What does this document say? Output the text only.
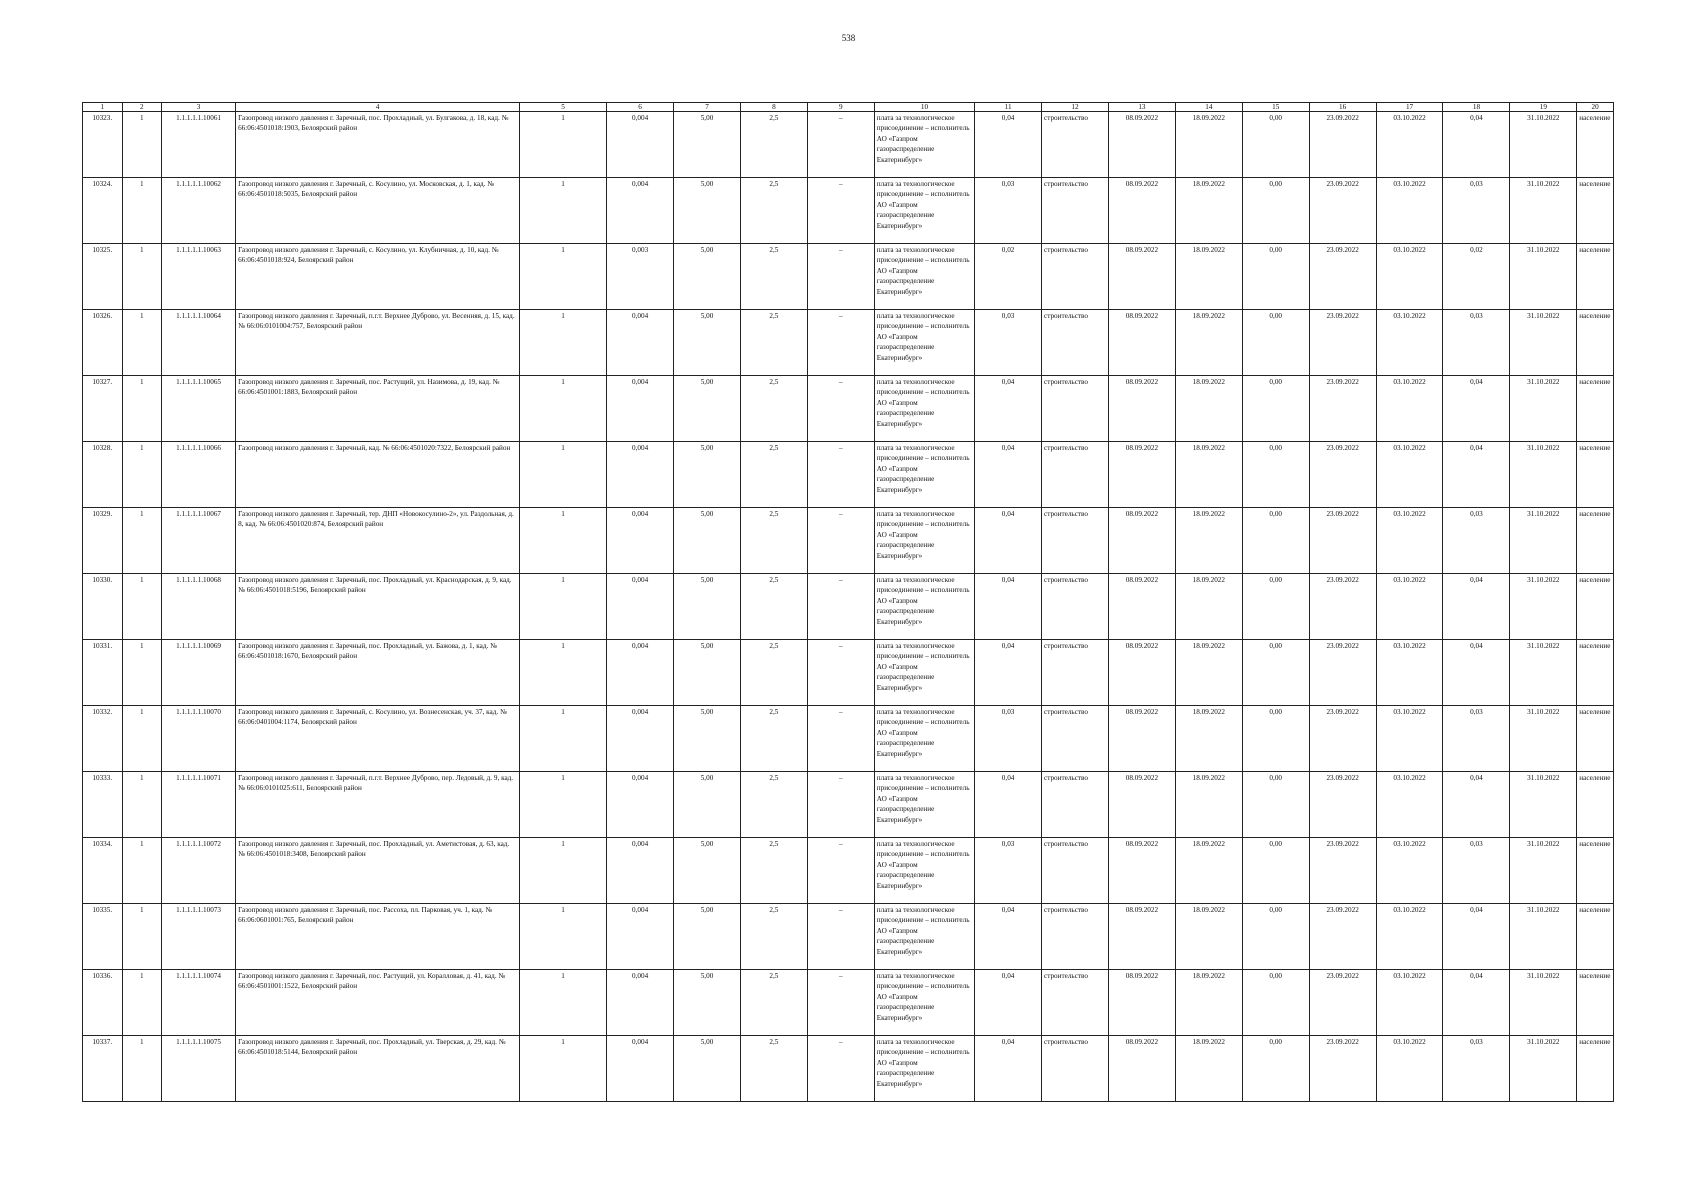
538
1	2	3	4	5	6	7	8	9	10	11	12	13	14	15	16	17	18	19	20
10323.	1	1.1.1.1.1.10061	Газопровод низкого давления г. Заречный, пос. Прохладный, ул. Булгакова, д. 18, кад. № 66:06:4501018:1903, Белоярский район	1	0,004	5,00	2,5	–	плата за технологическое присоединение – исполнитель АО «Газпром газораспределение Екатеринбург»	0,04	строительство	08.09.2022	18.09.2022	0,00	23.09.2022	03.10.2022	0,04	31.10.2022	население
10324.	1	1.1.1.1.1.10062	Газопровод низкого давления г. Заречный, с. Косулино, ул. Московская, д. 1, кад. № 66:06:4501018:5035, Белоярский район	1	0,004	5,00	2,5	–	плата за технологическое присоединение – исполнитель АО «Газпром газораспределение Екатеринбург»	0,03	строительство	08.09.2022	18.09.2022	0,00	23.09.2022	03.10.2022	0,03	31.10.2022	население
10325.	1	1.1.1.1.1.10063	Газопровод низкого давления г. Заречный, с. Косулино, ул. Клубничная, д. 10, кад. № 66:06:4501018:924, Белоярский район	1	0,003	5,00	2,5	–	плата за технологическое присоединение – исполнитель АО «Газпром газораспределение Екатеринбург»	0,02	строительство	08.09.2022	18.09.2022	0,00	23.09.2022	03.10.2022	0,02	31.10.2022	население
10326.	1	1.1.1.1.1.10064	Газопровод низкого давления г. Заречный, п.г.т. Верхнее Дуброво, ул. Весенняя, д. 15, кад. № 66:06:0101004:757, Белоярский район	1	0,004	5,00	2,5	–	плата за технологическое присоединение – исполнитель АО «Газпром газораспределение Екатеринбург»	0,03	строительство	08.09.2022	18.09.2022	0,00	23.09.2022	03.10.2022	0,03	31.10.2022	население
10327.	1	1.1.1.1.1.10065	Газопровод низкого давления г. Заречный, пос. Растущий, ул. Назимова, д. 19, кад. № 66:06:4501001:1883, Белоярский район	1	0,004	5,00	2,5	–	плата за технологическое присоединение – исполнитель АО «Газпром газораспределение Екатеринбург»	0,04	строительство	08.09.2022	18.09.2022	0,00	23.09.2022	03.10.2022	0,04	31.10.2022	население
10328.	1	1.1.1.1.1.10066	Газопровод низкого давления г. Заречный, кад. № 66:06:4501020:7322, Белоярский район	1	0,004	5,00	2,5	–	плата за технологическое присоединение – исполнитель АО «Газпром газораспределение Екатеринбург»	0,04	строительство	08.09.2022	18.09.2022	0,00	23.09.2022	03.10.2022	0,04	31.10.2022	население
10329.	1	1.1.1.1.1.10067	Газопровод низкого давления г. Заречный, тер. ДНП «Новокосулино-2», ул. Раздольная, д. 8, кад. № 66:06:4501020:874, Белоярский район	1	0,004	5,00	2,5	–	плата за технологическое присоединение – исполнитель АО «Газпром газораспределение Екатеринбург»	0,04	строительство	08.09.2022	18.09.2022	0,00	23.09.2022	03.10.2022	0,03	31.10.2022	население
10330.	1	1.1.1.1.1.10068	Газопровод низкого давления г. Заречный, пос. Прохладный, ул. Краснодарская, д. 9, кад. № 66:06:4501018:5196, Белоярский район	1	0,004	5,00	2,5	–	плата за технологическое присоединение – исполнитель АО «Газпром газораспределение Екатеринбург»	0,04	строительство	08.09.2022	18.09.2022	0,00	23.09.2022	03.10.2022	0,04	31.10.2022	население
10331.	1	1.1.1.1.1.10069	Газопровод низкого давления г. Заречный, пос. Прохладный, ул. Бажова, д. 1, кад. № 66:06:4501018:1670, Белоярский район	1	0,004	5,00	2,5	–	плата за технологическое присоединение – исполнитель АО «Газпром газораспределение Екатеринбург»	0,04	строительство	08.09.2022	18.09.2022	0,00	23.09.2022	03.10.2022	0,04	31.10.2022	население
10332.	1	1.1.1.1.1.10070	Газопровод низкого давления г. Заречный, с. Косулино, ул. Вознесенская, уч. 37, кад. № 66:06:0401004:1174, Белоярский район	1	0,004	5,00	2,5	–	плата за технологическое присоединение – исполнитель АО «Газпром газораспределение Екатеринбург»	0,03	строительство	08.09.2022	18.09.2022	0,00	23.09.2022	03.10.2022	0,03	31.10.2022	население
10333.	1	1.1.1.1.1.10071	Газопровод низкого давления г. Заречный, п.г.т. Верхнее Дуброво, пер. Ледовый, д. 9, кад. № 66:06:0101025:611, Белоярский район	1	0,004	5,00	2,5	–	плата за технологическое присоединение – исполнитель АО «Газпром газораспределение Екатеринбург»	0,04	строительство	08.09.2022	18.09.2022	0,00	23.09.2022	03.10.2022	0,04	31.10.2022	население
10334.	1	1.1.1.1.1.10072	Газопровод низкого давления г. Заречный, пос. Прохладный, ул. Аметистовая, д. 63, кад. № 66:06:4501018:3408, Белоярский район	1	0,004	5,00	2,5	–	плата за технологическое присоединение – исполнитель АО «Газпром газораспределение Екатеринбург»	0,03	строительство	08.09.2022	18.09.2022	0,00	23.09.2022	03.10.2022	0,03	31.10.2022	население
10335.	1	1.1.1.1.1.10073	Газопровод низкого давления г. Заречный, пос. Рассоха, пл. Парковая, уч. 1, кад. № 66:06:0601001:765, Белоярский район	1	0,004	5,00	2,5	–	плата за технологическое присоединение – исполнитель АО «Газпром газораспределение Екатеринбург»	0,04	строительство	08.09.2022	18.09.2022	0,00	23.09.2022	03.10.2022	0,04	31.10.2022	население
10336.	1	1.1.1.1.1.10074	Газопровод низкого давления г. Заречный, пос. Растущий, ул. Коралловая, д. 41, кад. № 66:06:4501001:1522, Белоярский район	1	0,004	5,00	2,5	–	плата за технологическое присоединение – исполнитель АО «Газпром газораспределение Екатеринбург»	0,04	строительство	08.09.2022	18.09.2022	0,00	23.09.2022	03.10.2022	0,04	31.10.2022	население
10337.	1	1.1.1.1.1.10075	Газопровод низкого давления г. Заречный, пос. Прохладный, ул. Тверская, д. 29, кад. № 66:06:4501018:5144, Белоярский район	1	0,004	5,00	2,5	–	плата за технологическое присоединение – исполнитель АО «Газпром газораспределение Екатеринбург»	0,04	строительство	08.09.2022	18.09.2022	0,00	23.09.2022	03.10.2022	0,03	31.10.2022	население
